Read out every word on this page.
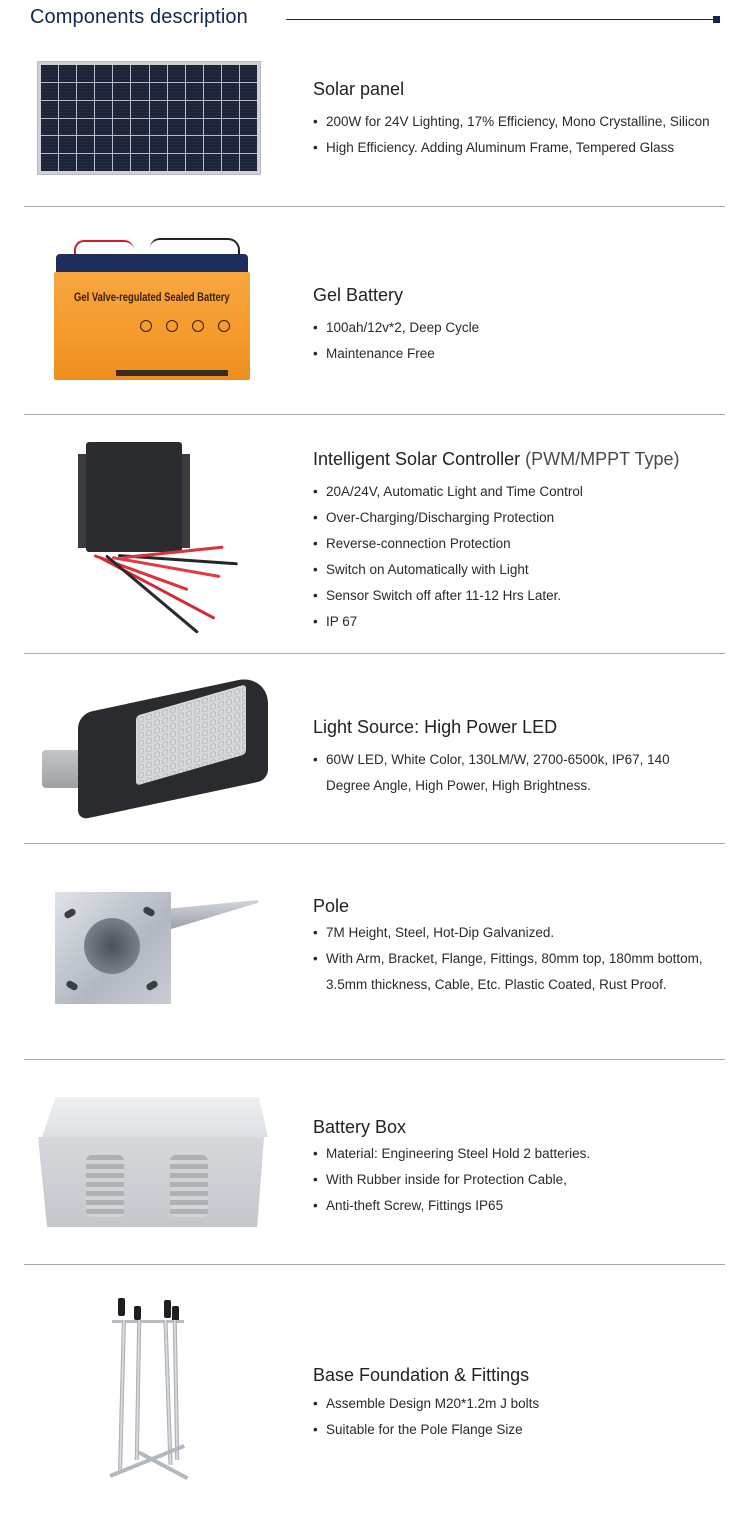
Components description
Solar panel
• 200W for 24V Lighting, 17% Efficiency, Mono Crystalline, Silicon
• High Efficiency. Adding Aluminum Frame, Tempered Glass
Gel Valve-regulated Sealed Battery	Gel Battery
• 100ah/12v*2, Deep Cycle
• Maintenance Free
Intelligent Solar Controller (PWM/MPPT Type)
• 20A/24V, Automatic Light and Time Control
• Over-Charging/Discharging Protection
• Reverse-connection Protection
• Switch on Automatically with Light
• Sensor Switch off after 11-12 Hrs Later.
• IP 67
Light Source: High Power LED
• 60W LED, White Color, 130LM/W, 2700-6500k, IP67, 140 Degree Angle, High Power, High Brightness.
Pole
• 7M Height, Steel, Hot-Dip Galvanized.
• With Arm, Bracket, Flange, Fittings, 80mm top, 180mm bottom, 3.5mm thickness, Cable, Etc. Plastic Coated, Rust Proof.
Battery Box
• Material: Engineering Steel Hold 2 batteries.
• With Rubber inside for Protection Cable,
• Anti-theft Screw, Fittings IP65
Base Foundation & Fittings
• Assemble Design M20*1.2m J bolts
• Suitable for the Pole Flange Size
